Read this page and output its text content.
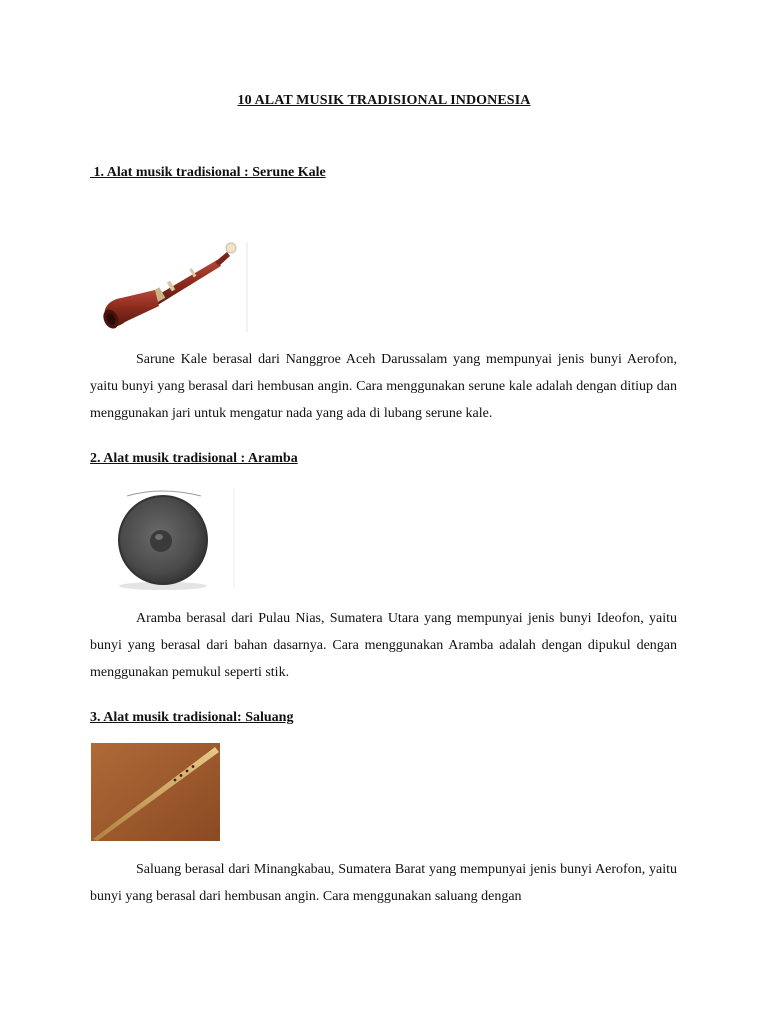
10 ALAT MUSIK TRADISIONAL INDONESIA
1. Alat musik tradisional : Serune Kale

Sarune Kale berasal dari Nanggroe Aceh Darussalam yang mempunyai jenis bunyi Aerofon, yaitu bunyi yang berasal dari hembusan angin. Cara menggunakan serune kale adalah dengan ditiup dan menggunakan jari untuk mengatur nada yang ada di lubang serune kale.

2. Alat musik tradisional : Aramba

Aramba berasal dari Pulau Nias, Sumatera Utara yang mempunyai jenis bunyi Ideofon, yaitu bunyi yang berasal dari bahan dasarnya. Cara menggunakan Aramba adalah dengan dipukul dengan menggunakan pemukul seperti stik.

3. Alat musik tradisional: Saluang

Saluang berasal dari Minangkabau, Sumatera Barat yang mempunyai jenis bunyi Aerofon, yaitu bunyi yang berasal dari hembusan angin. Cara menggunakan saluang dengan
